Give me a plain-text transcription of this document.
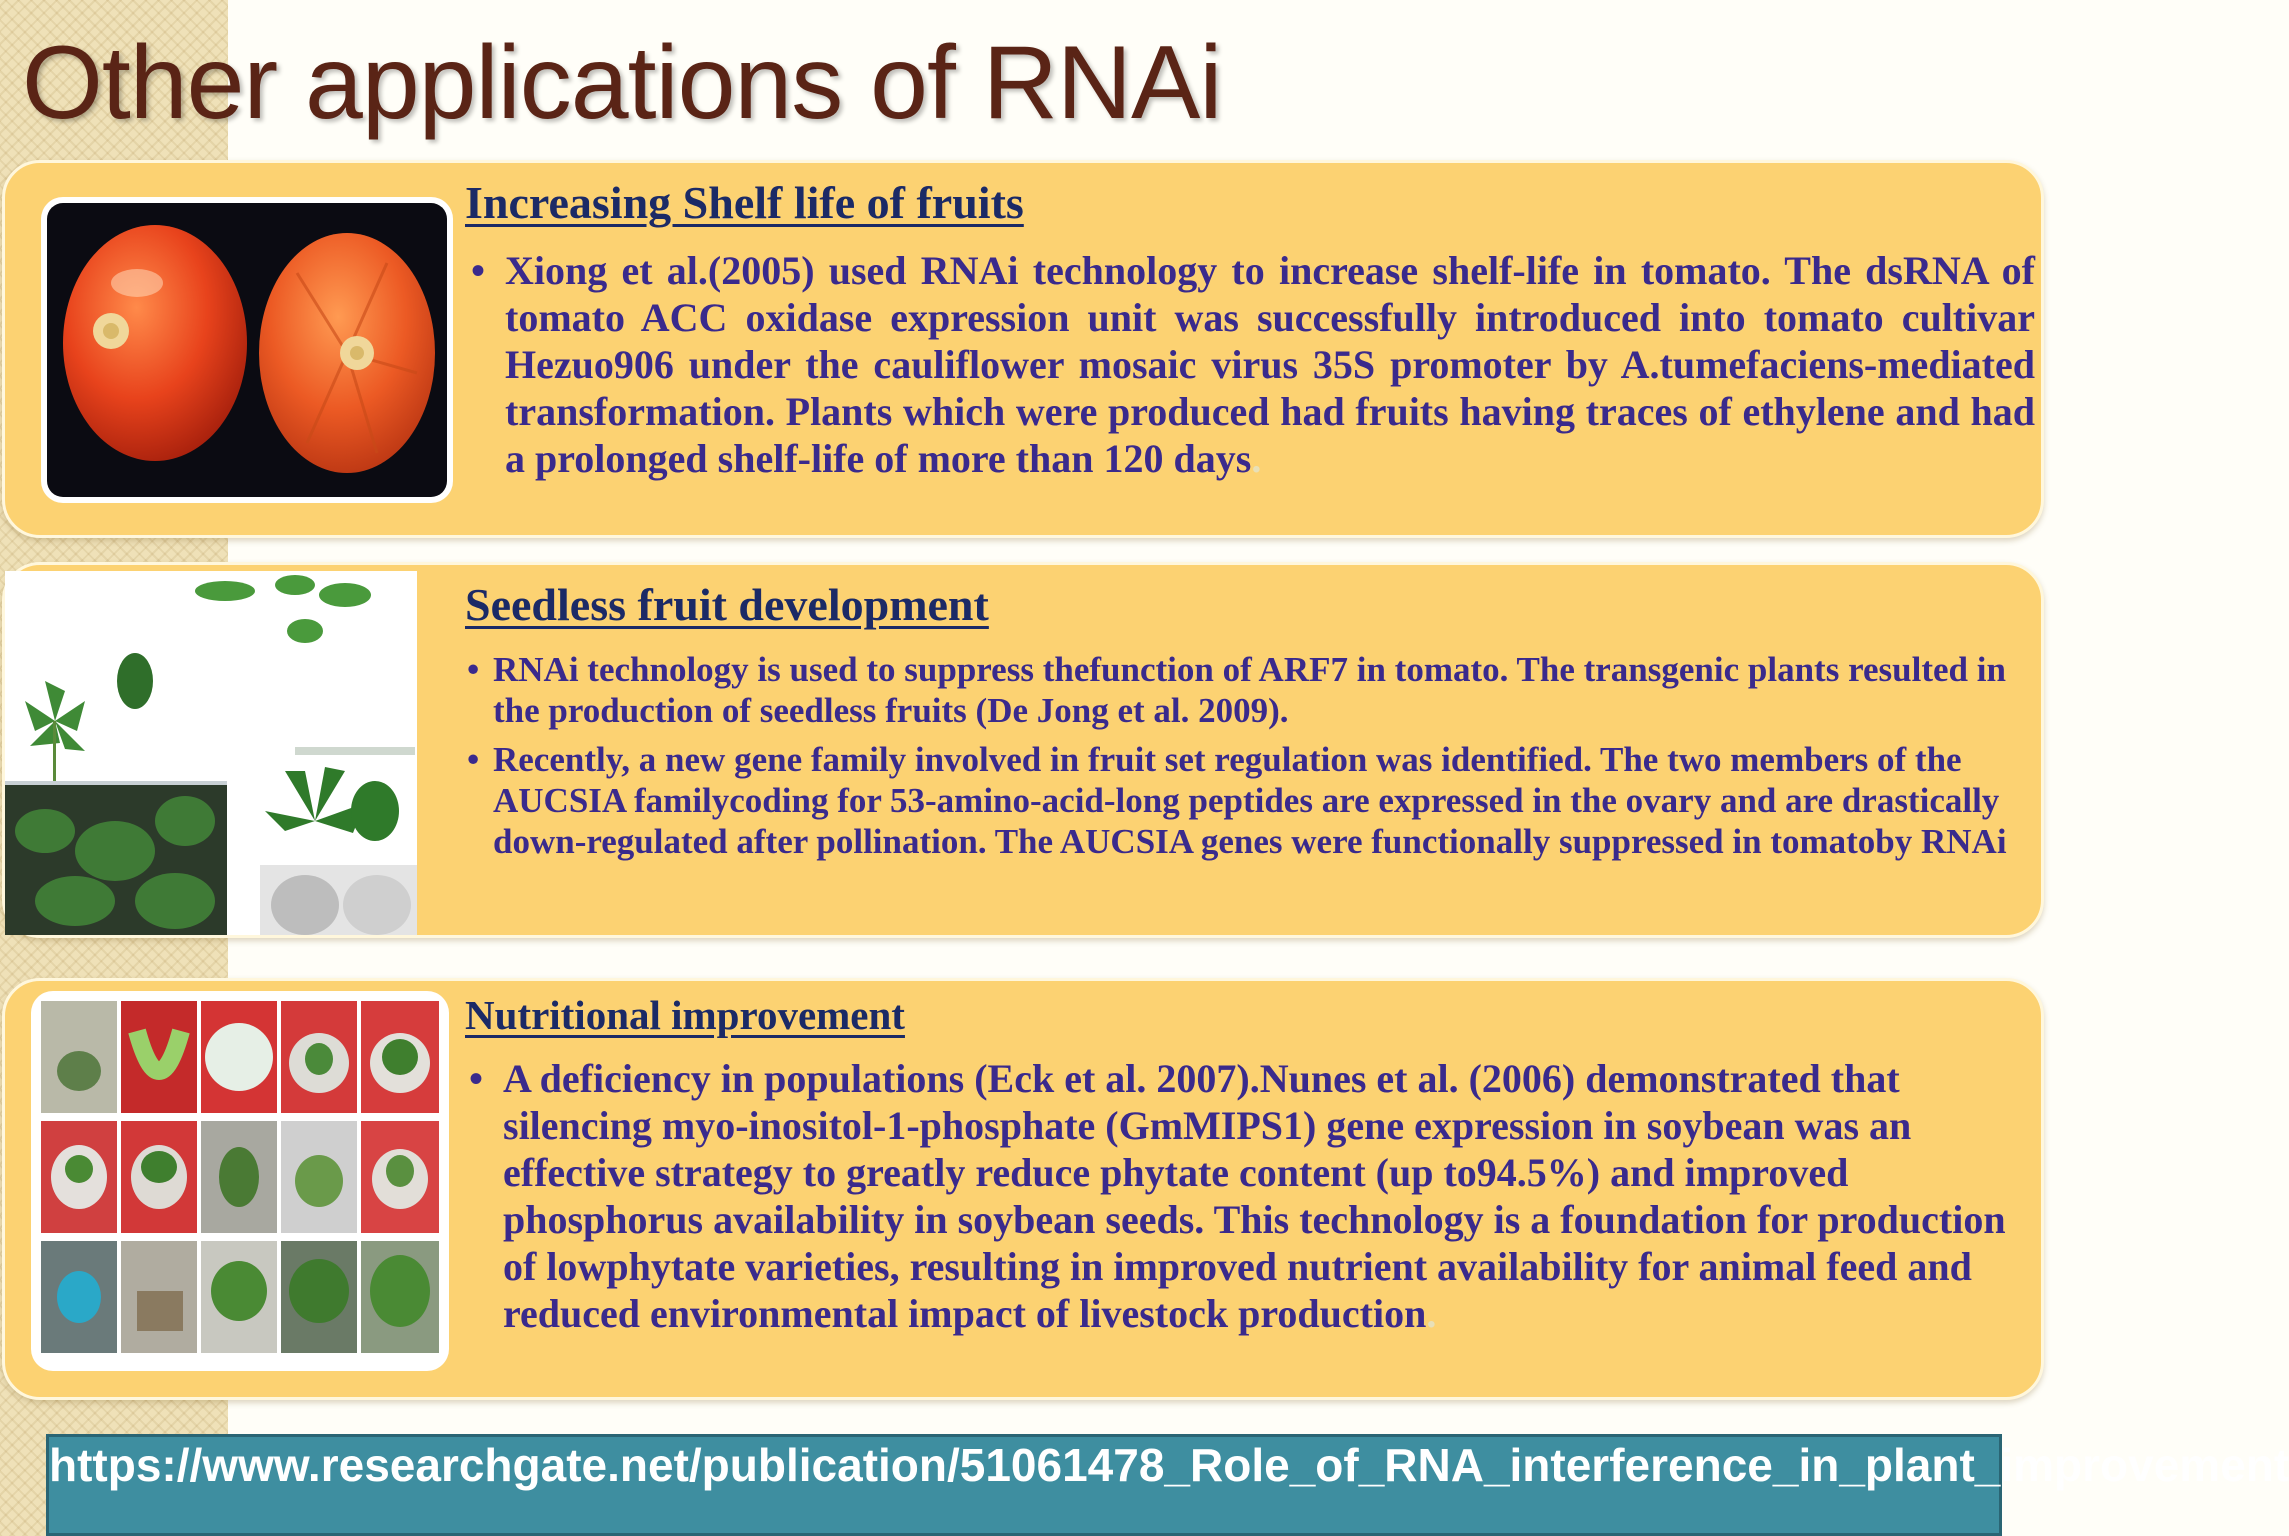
Other applications of RNAi
Increasing Shelf life of fruits
• Xiong et al.(2005) used RNAi technology to increase shelf-life in tomato. The dsRNA of tomato ACC oxidase expression unit was successfully introduced into tomato cultivar Hezuo906 under the cauliflower mosaic virus 35S promoter by A.tumefaciens-mediated transformation. Plants which were produced had fruits having traces of ethylene and had a prolonged shelf-life of more than 120 days.
Seedless fruit development
• RNAi technology is used to suppress thefunction of ARF7 in tomato. The transgenic plants resulted in the production of seedless fruits (De Jong et al. 2009).
• Recently, a new gene family involved in fruit set regulation was identified. The two members of the AUCSIA familycoding for 53-amino-acid-long peptides are expressed in the ovary and are drastically down-regulated after pollination. The AUCSIA genes were functionally suppressed in tomatoby RNAi
Nutritional improvement
• A deficiency in populations (Eck et al. 2007).Nunes et al. (2006) demonstrated that silencing myo-inositol-1-phosphate (GmMIPS1) gene expression in soybean was an effective strategy to greatly reduce phytate content (up to94.5%) and improved phosphorus availability in soybean seeds. This technology is a foundation for production of lowphytate varieties, resulting in improved nutrient availability for animal feed and reduced environmental impact of livestock production.
https://www.researchgate.net/publication/51061478_Role_of_RNA_interference_in_plant_improvement
